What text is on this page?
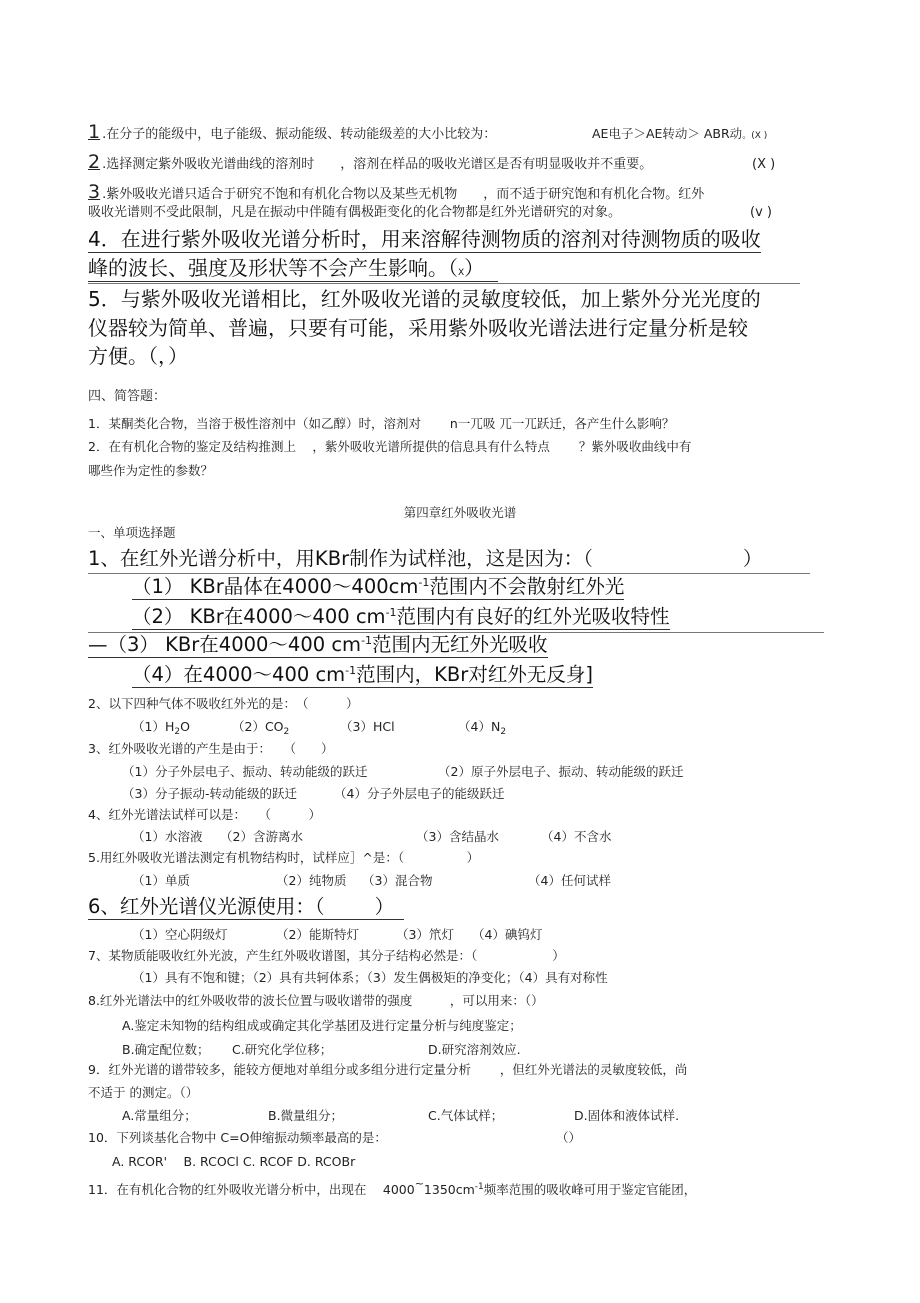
1 .在分子的能级中，电子能级、振动能级、转动能级差的大小比较为：	AE电子＞AE转动＞ ABR动。(X )
2 .选择测定紫外吸收光谱曲线的溶剂时　　，溶剂在样品的吸收光谱区是否有明显吸收并不重要。	(X )
3 .紫外吸收光谱只适合于研究不饱和有机化合物以及某些无机物　　，而不适于研究饱和有机化合物。红外
吸收光谱则不受此限制，凡是在振动中伴随有偶极距变化的化合物都是红外光谱研究的对象。	(v )
4．在进行紫外吸收光谱分析时，用来溶解待测物质的溶剂对待测物质的吸收
峰的波长、强度及形状等不会产生影响。（X）
5．与紫外吸收光谱相比，红外吸收光谱的灵敏度较低，加上紫外分光光度的
仪器较为简单、普遍，只要有可能，采用紫外吸收光谱法进行定量分析是较
方便。（，）
四、简答题：
1．某酮类化合物，当溶于极性溶剂中（如乙醇）时，溶剂对　　 n一兀吸 兀一兀跃迁，各产生什么影响？
2．在有机化合物的鉴定及结构推测上　 ，紫外吸收光谱所提供的信息具有什么特点　　 ？紫外吸收曲线中有
哪些作为定性的参数？
第四章红外吸收光谱
一、单项选择题
1、在红外光谱分析中，用KBr制作为试样池，这是因为：（	）
（1） KBr晶体在$4000\sim 400cm^{-1}$范围内不会散射红外光
（2） KBr在4000～400 $cm^{-1}$范围内有良好的红外光吸收特性
—（3） KBr在4000～400 $cm^{-1}$范围内无红外光吸收
（4）在4000～400 $cm^{-1}$范围内，KBr对红外无反身]
2、以下四种气体不吸收红外光的是：　（　　　）
$(1)H_2O$	$(2)CO_2$	（3）HCl	$(4)N_2$
3、红外吸收光谱的产生是由于：　　（　　）
（1）分子外层电子、振动、转动能级的跃迁	（2）原子外层电子、振动、转动能级的跃迁
（3）分子振动-转动能级的跃迁	（4）分子外层电子的能级跃迁
4、红外光谱法试样可以是：　　（　　　）
（1）水溶液 （2）含游离水	（3）含结晶水	（4）不含水
5.用红外吸收光谱法测定有机物结构时，试样应］^是：（　　　　　）
（1）单质	（2）纯物质 （3）混合物	（4）任何试样
6、红外光谱仪光源使用：（	）
（1）空心阴级灯	（2）能斯特灯	（3）笊灯 （4）碘钨灯
7、某物质能吸收红外光波，产生红外吸收谱图，其分子结构必然是：（　　　　　　）
（1）具有不饱和键；（2）具有共轲体系；（3）发生偶极矩的净变化；（4）具有对称性
8.红外光谱法中的红外吸收带的波长位置与吸收谱带的强度　　　，可以用来：（）
A.鉴定未知物的结构组成或确定其化学基团及进行定量分析与纯度鉴定；
B.确定配位数； C.研究化学位移；	D.研究溶剂效应.
9．红外光谱的谱带较多，能较方便地对单组分或多组分进行定量分析　　 ，但红外光谱法的灵敏度较低，尚
不适于 的测定。（）
A.常量组分；	B.微量组分；	C.气体试样；	D.固体和液体试样.
10．下列谈基化合物中 C=O伸缩振动频率最高的是：	（）
A. RCOR'　 B. RCOCl C. RCOF D. RCOBr
11．在有机化合物的红外吸收光谱分析中，出现在　 $4000\sim 1350cm^{-1}$频率范围的吸收峰可用于鉴定官能团，
